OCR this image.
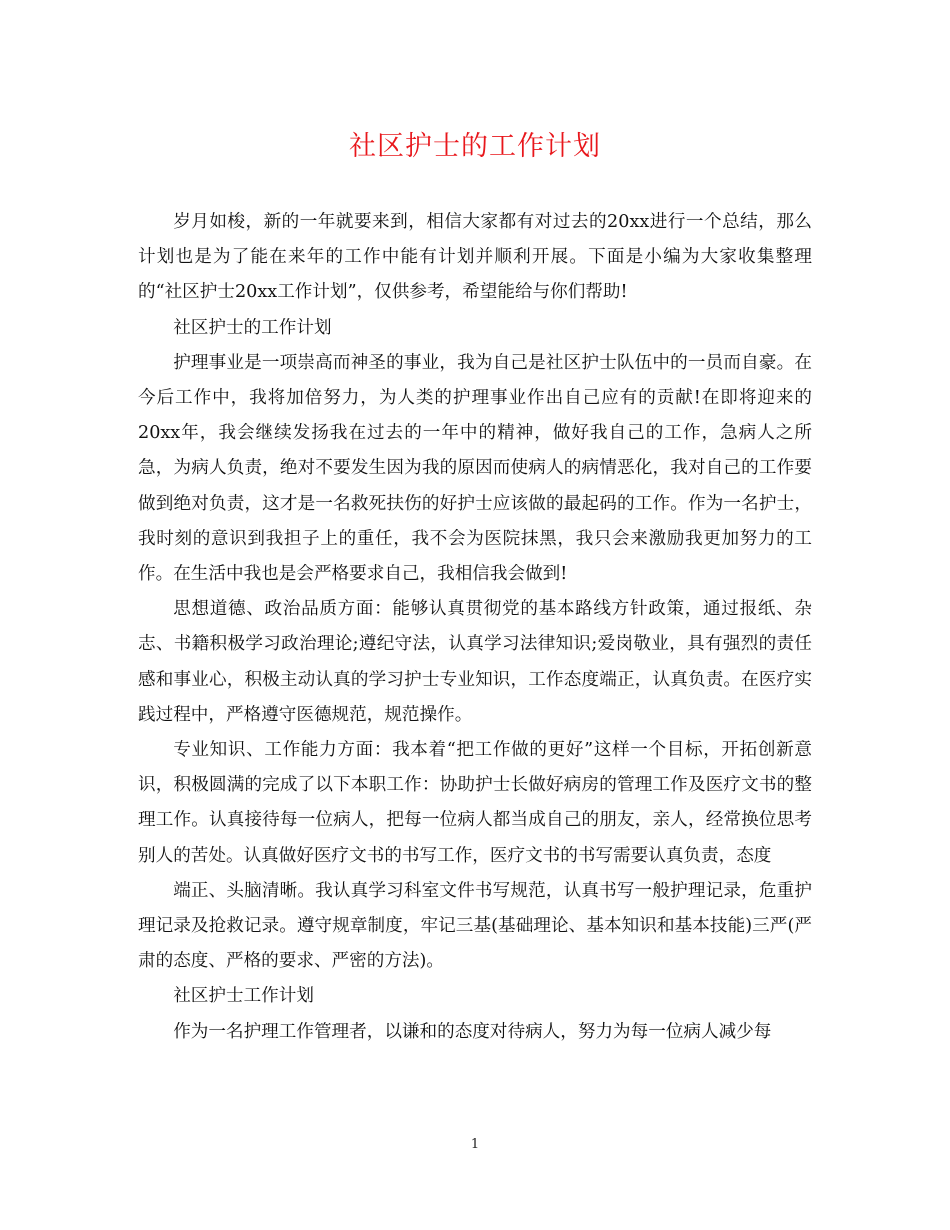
社区护士的工作计划

岁月如梭，新的一年就要来到，相信大家都有对过去的20xx进行一个总结，那么计划也是为了能在来年的工作中能有计划并顺利开展。下面是小编为大家收集整理的“社区护士20xx工作计划”，仅供参考，希望能给与你们帮助!

社区护士的工作计划

护理事业是一项崇高而神圣的事业，我为自己是社区护士队伍中的一员而自豪。在今后工作中，我将加倍努力，为人类的护理事业作出自己应有的贡献!在即将迎来的20xx年，我会继续发扬我在过去的一年中的精神，做好我自己的工作，急病人之所急，为病人负责，绝对不要发生因为我的原因而使病人的病情恶化，我对自己的工作要做到绝对负责，这才是一名救死扶伤的好护士应该做的最起码的工作。作为一名护士，我时刻的意识到我担子上的重任，我不会为医院抹黑，我只会来激励我更加努力的工作。在生活中我也是会严格要求自己，我相信我会做到!

思想道德、政治品质方面：能够认真贯彻党的基本路线方针政策，通过报纸、杂志、书籍积极学习政治理论;遵纪守法，认真学习法律知识;爱岗敬业，具有强烈的责任感和事业心，积极主动认真的学习护士专业知识，工作态度端正，认真负责。在医疗实践过程中，严格遵守医德规范，规范操作。

专业知识、工作能力方面：我本着“把工作做的更好”这样一个目标，开拓创新意识，积极圆满的完成了以下本职工作：协助护士长做好病房的管理工作及医疗文书的整理工作。认真接待每一位病人，把每一位病人都当成自己的朋友，亲人，经常换位思考别人的苦处。认真做好医疗文书的书写工作，医疗文书的书写需要认真负责，态度

端正、头脑清晰。我认真学习科室文件书写规范，认真书写一般护理记录，危重护理记录及抢救记录。遵守规章制度，牢记三基(基础理论、基本知识和基本技能)三严(严肃的态度、严格的要求、严密的方法)。

社区护士工作计划

作为一名护理工作管理者，以谦和的态度对待病人，努力为每一位病人减少每

1
